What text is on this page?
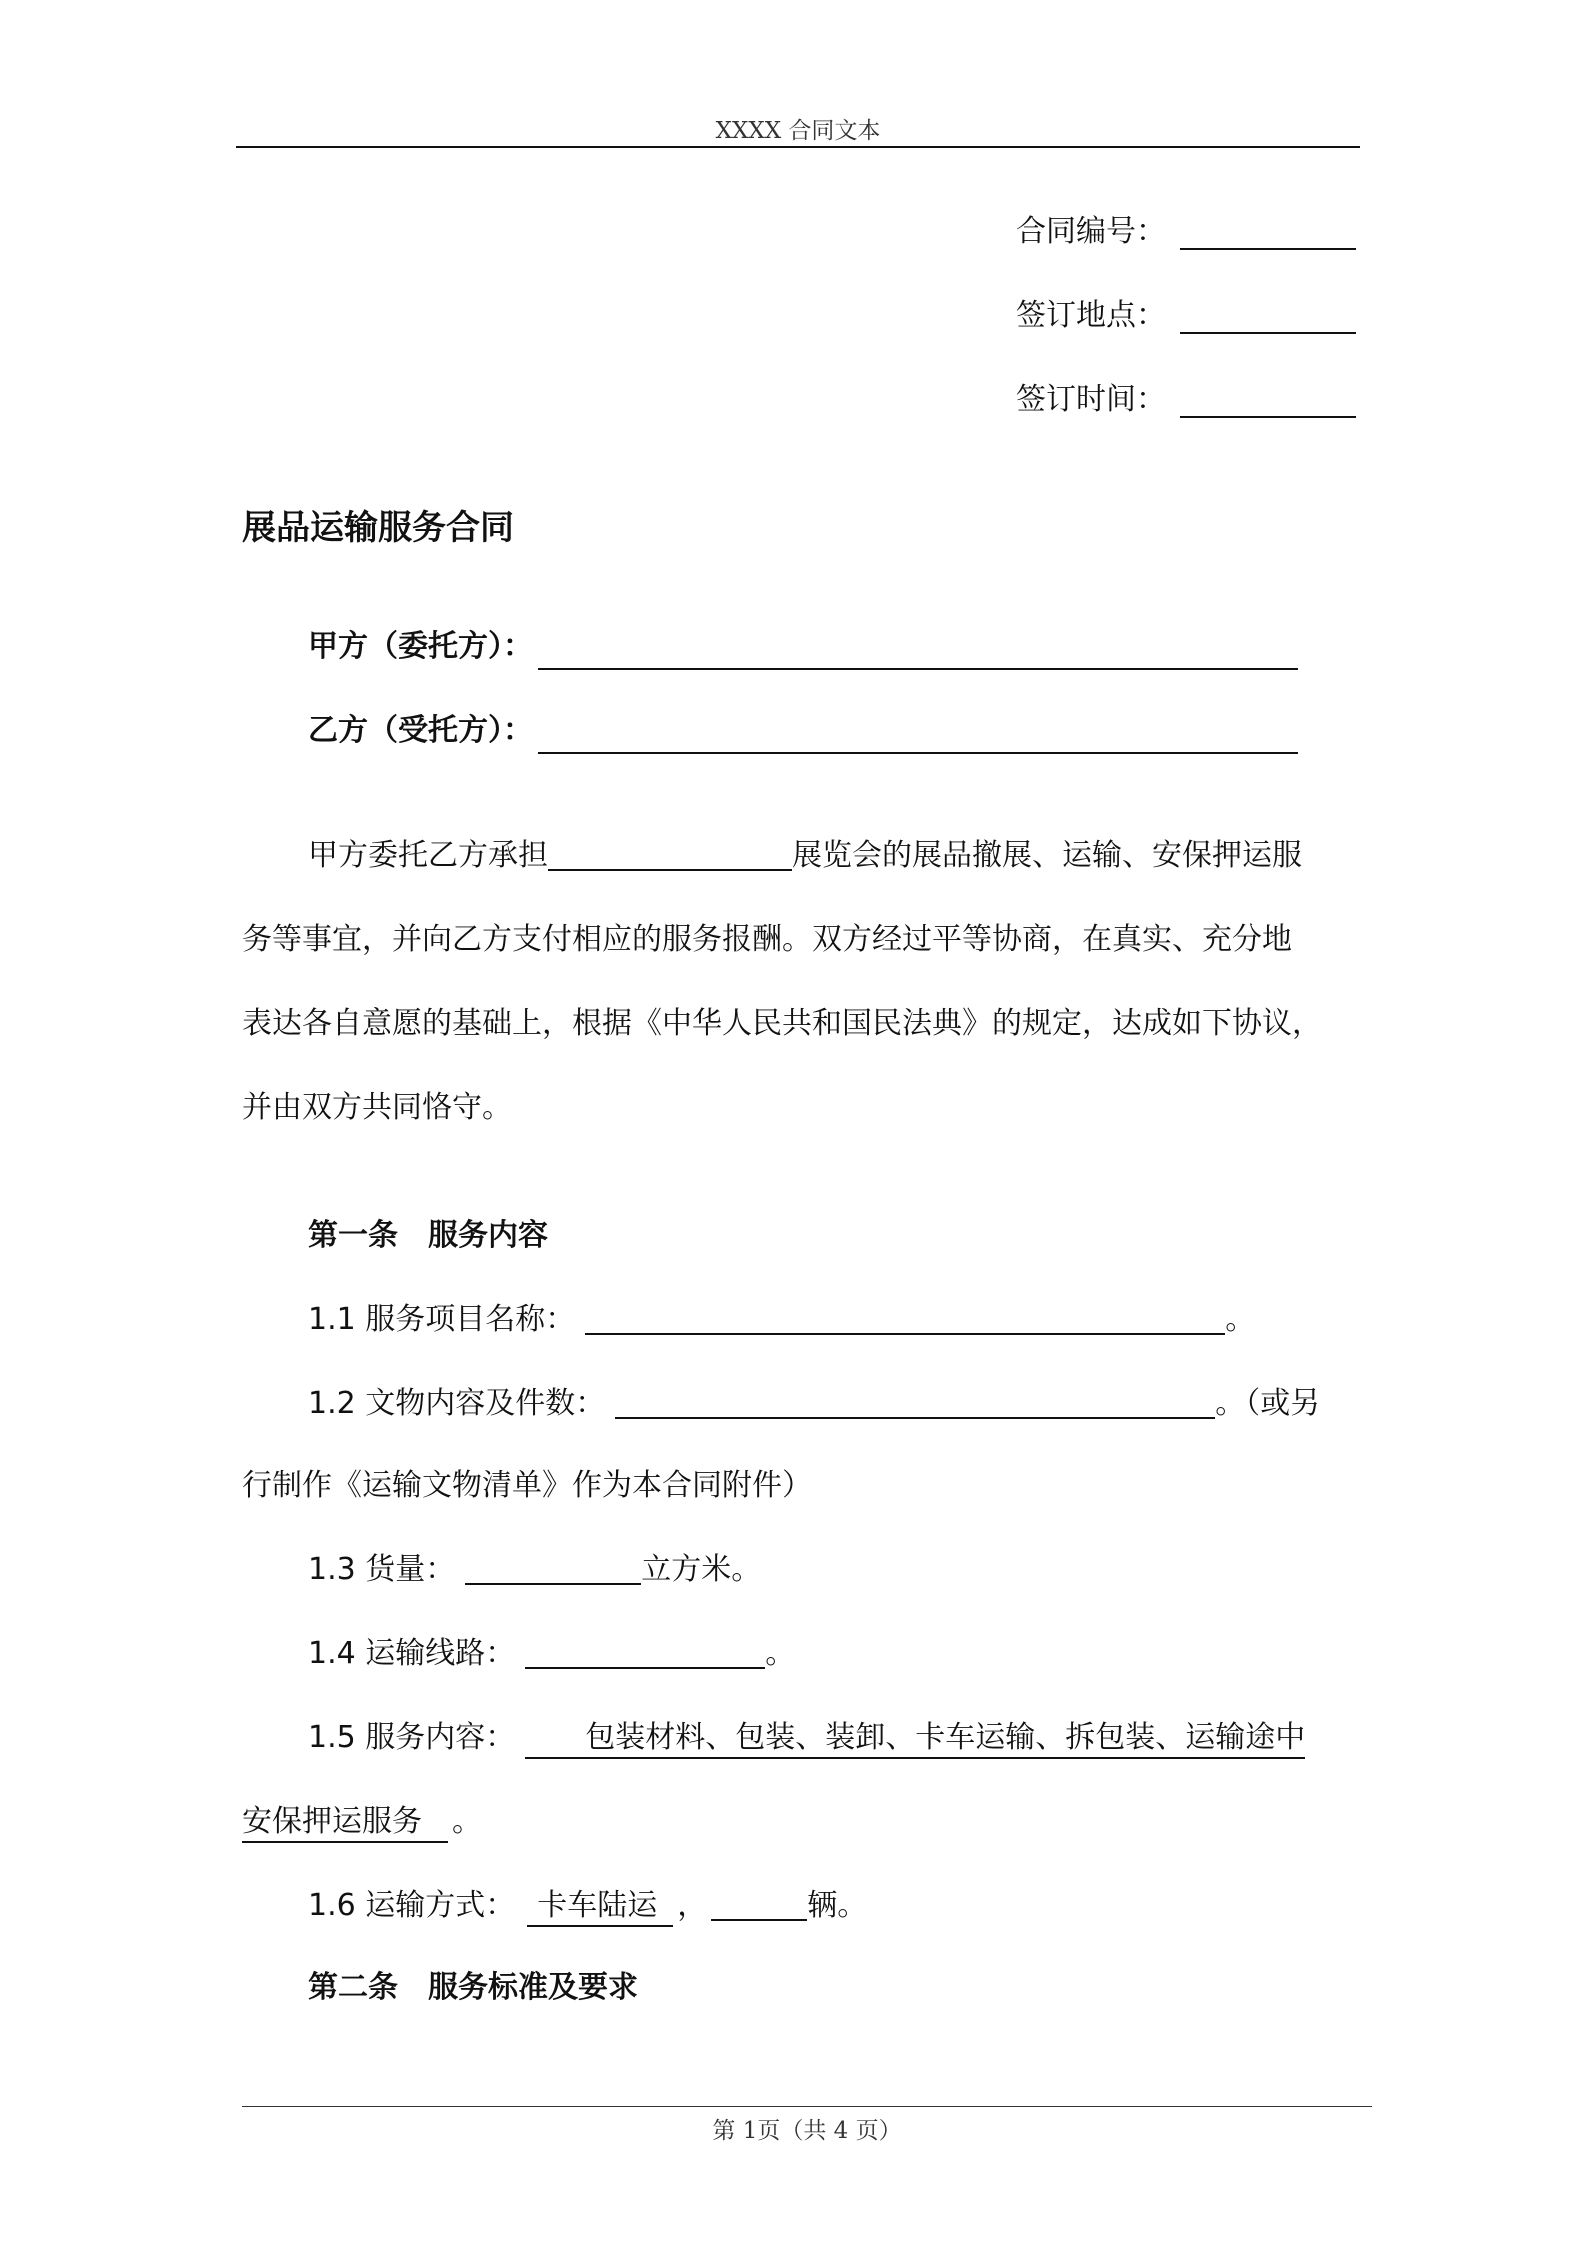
XXXX 合同文本
合同编号：
签订地点：
签订时间：
展品运输服务合同
甲方（委托方）：
乙方（受托方）：
甲方委托乙方承担	展览会的展品撤展、运输、安保押运服
务等事宜，并向乙方支付相应的服务报酬。双方经过平等协商，在真实、充分地
表达各自意愿的基础上，根据《中华人民共和国民法典》的规定，达成如下协议，
并由双方共同恪守。
第一条　服务内容
1.1 服务项目名称：	。
1.2 文物内容及件数：	。（或另
行制作《运输文物清单》作为本合同附件）
1.3 货量：	立方米。
1.4 运输线路：	。
1.5 服务内容： 包装材料、包装、装卸、卡车运输、拆包装、运输途中
安保押运服务 。
1.6 运输方式： 卡车陆运 ，	辆。
第二条　服务标准及要求
第 1页（共 4 页）
